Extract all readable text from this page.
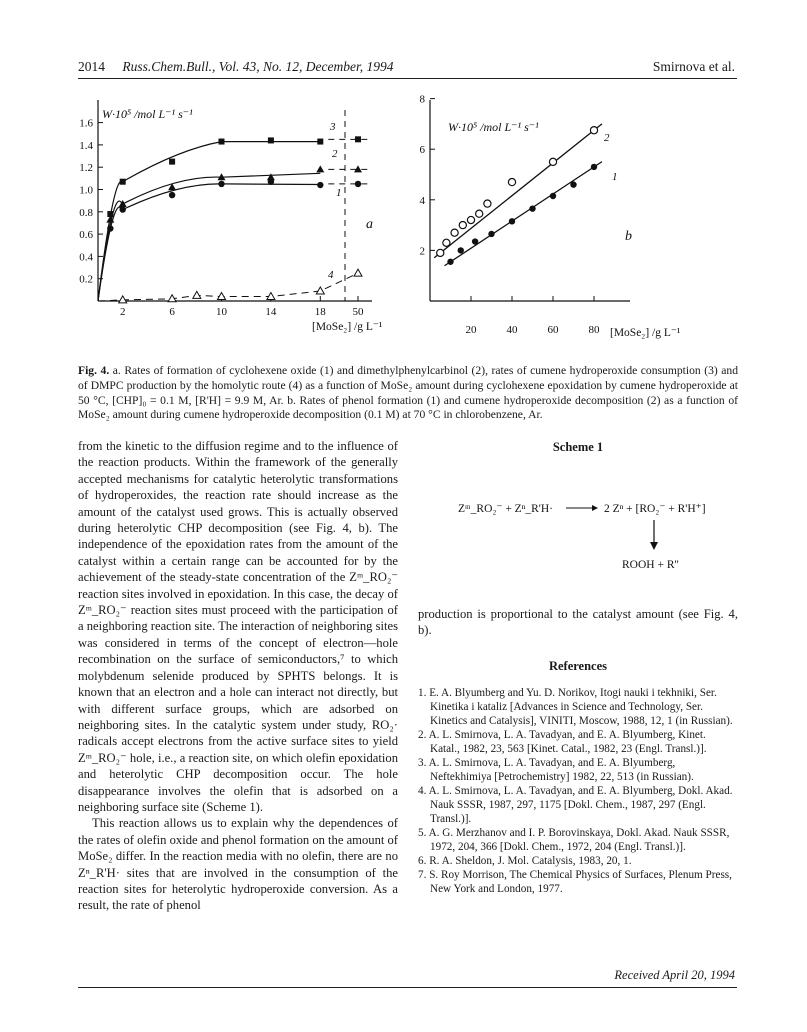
2014 Russ.Chem.Bull., Vol. 43, No. 12, December, 1994	Smirnova et al.
W·10⁵ /mol L⁻¹ s⁻¹
1.6
1.4
1.2
1.0
0.8
0.6
0.4
0.2
2	6	10	14	18 50
[MoSe₂] /g L⁻¹
a
3
2
1
4
W·10⁵ /mol L⁻¹ s⁻¹
8
6
4
2
20	40	60	80 [MoSe₂] /g L⁻¹
b
2
1
Fig. 4. a. Rates of formation of cyclohexene oxide (1) and dimethylphenylcarbinol (2), rates of cumene hydroperoxide consumption (3) and of DMPC production by the homolytic route (4) as a function of MoSe₂ amount during cyclohexene epoxidation by cumene hydroperoxide at 50 °C, [CHP]₀ = 0.1 M, [R'H] = 9.9 M, Ar. b. Rates of phenol formation (1) and cumene hydroperoxide decomposition (2) as a function of MoSe₂ amount during cumene hydroperoxide decomposition (0.1 M) at 70 °C in chlorobenzene, Ar.

from the kinetic to the diffusion regime and to the influence of the reaction products. Within the framework of the generally accepted mechanisms for catalytic heterolytic transformations of hydroperoxides, the reaction rate should increase as the amount of the catalyst used grows. This is actually observed during heterolytic CHP decomposition (see Fig. 4, b). The independence of the epoxidation rates from the amount of the catalyst within a certain range can be accounted for by the achievement of the steady-state concentration of the Zᵐ_RO₂⁻ reaction sites involved in epoxidation. In this case, the decay of Zᵐ_RO₂⁻ reaction sites must proceed with the participation of a neighboring reaction site. The interaction of neighboring sites was considered in terms of the concept of electron—hole recombination on the surface of semiconductors,⁷ to which molybdenum selenide produced by SPHTS belongs. It is known that an electron and a hole can interact not directly, but with different surface groups, which are adsorbed on neighboring sites. In the catalytic system under study, RO₂· radicals accept electrons from the active surface sites to yield Zᵐ_RO₂⁻ hole, i.e., a reaction site, on which olefin epoxidation and heterolytic CHP decomposition occur. The hole disappearance involves the olefin that is adsorbed on a neighboring surface site (Scheme 1).

This reaction allows us to explain why the dependences of the rates of olefin oxide and phenol formation on the amount of MoSe₂ differ. In the reaction media with no olefin, there are no Zⁿ_R'H· sites that are involved in the consumption of the reaction sites for heterolytic hydroperoxide conversion. As a result, the rate of phenol

Scheme 1
Zᵐ_RO₂⁻ + Zⁿ_R'H·	2 Zⁿ + [RO₂⁻ + R'H⁺]
ROOH + R''
production is proportional to the catalyst amount (see Fig. 4, b).
References
1. E. A. Blyumberg and Yu. D. Norikov, Itogi nauki i tekhniki, Ser. Kinetika i kataliz [Advances in Science and Technology, Ser. Kinetics and Catalysis], VINITI, Moscow, 1988, 12, 1 (in Russian).
2. A. L. Smirnova, L. A. Tavadyan, and E. A. Blyumberg, Kinet. Katal., 1982, 23, 563 [Kinet. Catal., 1982, 23 (Engl. Transl.)].
3. A. L. Smirnova, L. A. Tavadyan, and E. A. Blyumberg, Neftekhimiya [Petrochemistry] 1982, 22, 513 (in Russian).
4. A. L. Smirnova, L. A. Tavadyan, and E. A. Blyumberg, Dokl. Akad. Nauk SSSR, 1987, 297, 1175 [Dokl. Chem., 1987, 297 (Engl. Transl.)].
5. A. G. Merzhanov and I. P. Borovinskaya, Dokl. Akad. Nauk SSSR, 1972, 204, 366 [Dokl. Chem., 1972, 204 (Engl. Transl.)].
6. R. A. Sheldon, J. Mol. Catalysis, 1983, 20, 1.
7. S. Roy Morrison, The Chemical Physics of Surfaces, Plenum Press, New York and London, 1977.
Received April 20, 1994
